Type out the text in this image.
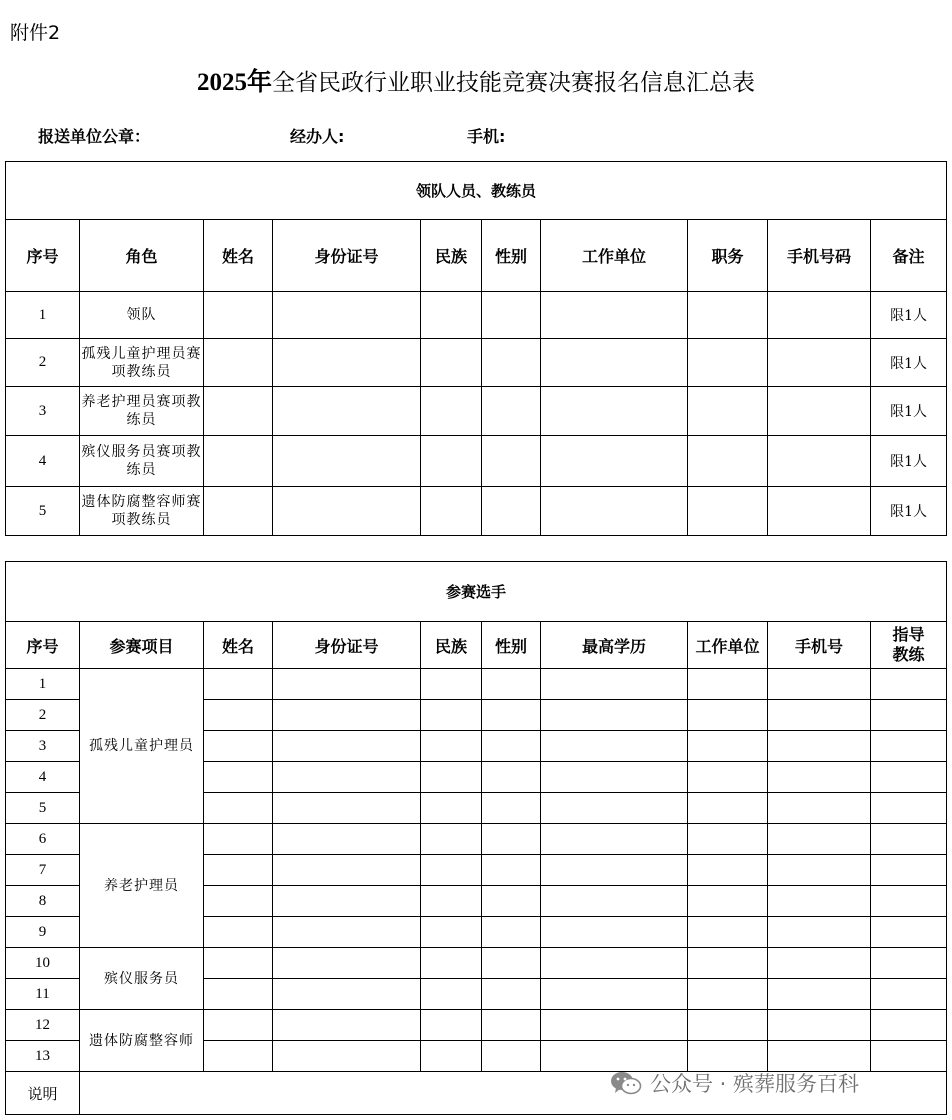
附件2
2025年全省民政行业职业技能竞赛决赛报名信息汇总表
报送单位公章：	经办人:	手机:
领队人员、教练员									
序号	角色	姓名	身份证号	民族	性别	工作单位	职务	手机号码	备注
1	领队								限1人
2	孤残儿童护理员赛项教练员								限1人
3	养老护理员赛项教练员								限1人
4	殡仪服务员赛项教练员								限1人
5	遗体防腐整容师赛项教练员								限1人
参赛选手									
序号	参赛项目	姓名	身份证号	民族	性别	最高学历	工作单位	手机号	指导教练
1	孤残儿童护理员								
2									
3									
4									
5									
6	养老护理员								
7									
8									
9									
10	殡仪服务员								
11									
12	遗体防腐整容师								
13									
说明										公众号 · 殡葬服务百科
